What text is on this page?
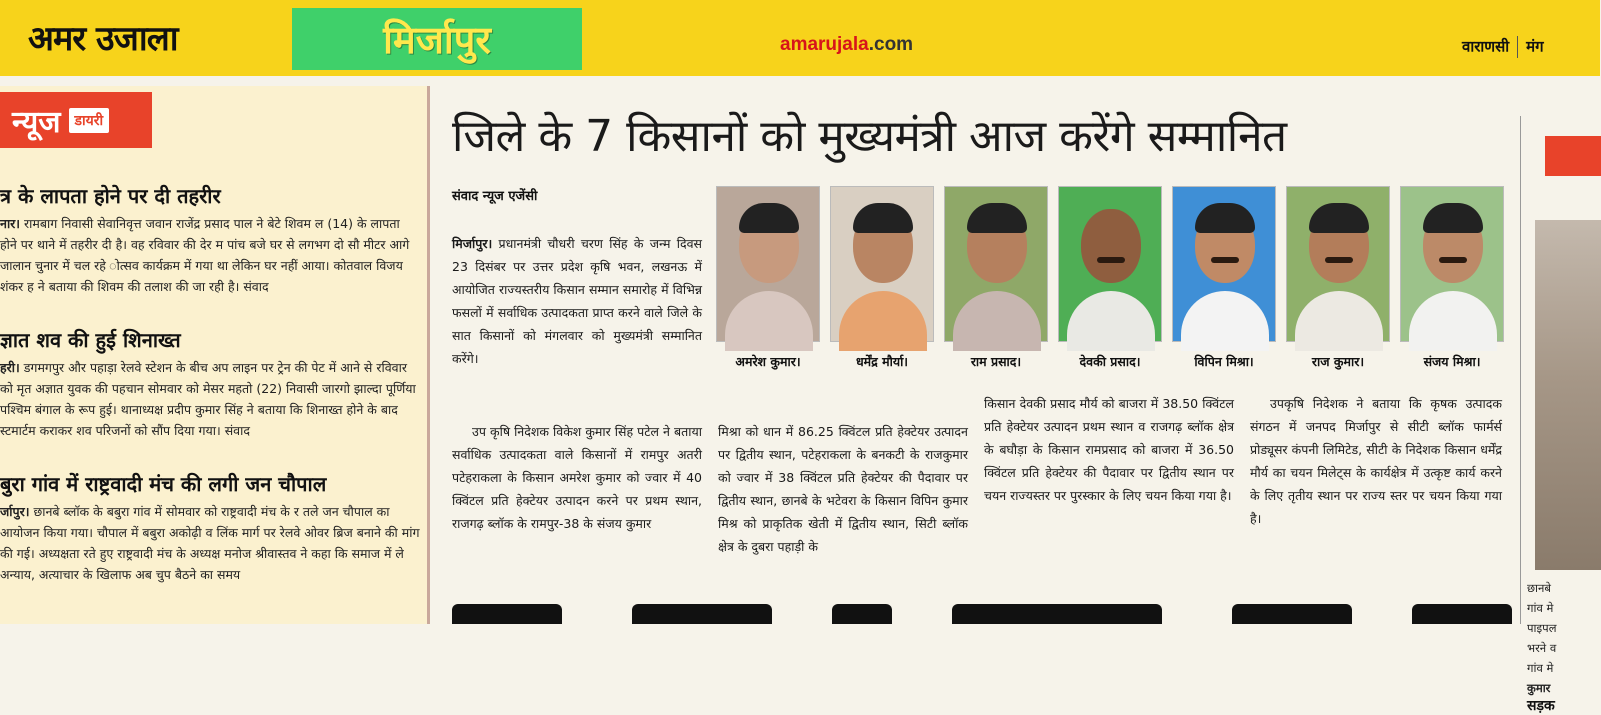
अमर उजाला	मिर्जापुर	amarujala.com	वाराणसी मंग
न्यूज	डायरी
त्र के लापता होने पर दी तहरीर

नार। रामबाग निवासी सेवानिवृत्त जवान राजेंद्र प्रसाद पाल ने बेटे शिवम ल (14) के लापता होने पर थाने में तहरीर दी है। वह रविवार की देर म पांच बजे घर से लगभग दो सौ मीटर आगे जालान चुनार में चल रहे ोत्सव कार्यक्रम में गया था लेकिन घर नहीं आया। कोतवाल विजय शंकर ह ने बताया की शिवम की तलाश की जा रही है। संवाद

ज्ञात शव की हुई शिनाख्त

हरी। डगमगपुर और पहाड़ा रेलवे स्टेशन के बीच अप लाइन पर ट्रेन की पेट में आने से रविवार को मृत अज्ञात युवक की पहचान सोमवार को मेसर महतो (22) निवासी जारगो झाल्दा पूर्णिया पश्चिम बंगाल के रूप हुई। थानाध्यक्ष प्रदीप कुमार सिंह ने बताया कि शिनाख्त होने के बाद स्टमार्टम कराकर शव परिजनों को सौंप दिया गया। संवाद

बुरा गांव में राष्ट्रवादी मंच की लगी जन चौपाल

र्जापुर। छानबे ब्लॉक के बबुरा गांव में सोमवार को राष्ट्रवादी मंच के र तले जन चौपाल का आयोजन किया गया। चौपाल में बबुरा अकोढ़ी व लिंक मार्ग पर रेलवे ओवर ब्रिज बनाने की मांग की गई। अध्यक्षता रते हुए राष्ट्रवादी मंच के अध्यक्ष मनोज श्रीवास्तव ने कहा कि समाज में ले अन्याय, अत्याचार के खिलाफ अब चुप बैठने का समय

जिले के 7 किसानों को मुख्यमंत्री आज करेंगे सम्मानित
संवाद न्यूज एजेंसी
अमरेश कुमार।	धर्मेंद्र मौर्या।	राम प्रसाद।	देवकी प्रसाद।	विपिन मिश्रा।	राज कुमार।	संजय मिश्रा।
मिर्जापुर। प्रधानमंत्री चौधरी चरण सिंह के जन्म दिवस 23 दिसंबर पर उत्तर प्रदेश कृषि भवन, लखनऊ में आयोजित राज्यस्तरीय किसान सम्मान समारोह में विभिन्न फसलों में सर्वाधिक उत्पादकता प्राप्त करने वाले जिले के सात किसानों को मंगलवार को मुख्यमंत्री सम्मानित करेंगे।
उप कृषि निदेशक विकेश कुमार सिंह पटेल ने बताया सर्वाधिक उत्पादकता वाले किसानों में रामपुर अतरी पटेहराकला के किसान अमरेश कुमार को ज्वार में 40 क्विंटल प्रति हेक्टेयर उत्पादन करने पर प्रथम स्थान, राजगढ़ ब्लॉक के रामपुर-38 के संजय कुमार
मिश्रा को धान में 86.25 क्विंटल प्रति हेक्टेयर उत्पादन पर द्वितीय स्थान, पटेहराकला के बनकटी के राजकुमार को ज्वार में 38 क्विंटल प्रति हेक्टेयर की पैदावार पर द्वितीय स्थान, छानबे के भटेवरा के किसान विपिन कुमार मिश्र को प्राकृतिक खेती में द्वितीय स्थान, सिटी ब्लॉक क्षेत्र के दुबरा पहाड़ी के
किसान देवकी प्रसाद मौर्य को बाजरा में 38.50 क्विंटल प्रति हेक्टेयर उत्पादन प्रथम स्थान व राजगढ़ ब्लॉक क्षेत्र के बघौड़ा के किसान रामप्रसाद को बाजरा में 36.50 क्विंटल प्रति हेक्टेयर की पैदावार पर द्वितीय स्थान पर चयन राज्यस्तर पर पुरस्कार के लिए चयन किया गया है।
उपकृषि निदेशक ने बताया कि कृषक उत्पादक संगठन में जनपद मिर्जापुर से सीटी ब्लॉक फार्मर्स प्रोड्यूसर कंपनी लिमिटेड, सीटी के निदेशक किसान धर्मेंद्र मौर्य का चयन मिलेट्स के कार्यक्षेत्र में उत्कृष्ट कार्य करने के लिए तृतीय स्थान पर राज्य स्तर पर चयन किया गया है।
छानबे
गांव मे
पाइपल
भरने व
गांव मे
कुमार
सड़क
